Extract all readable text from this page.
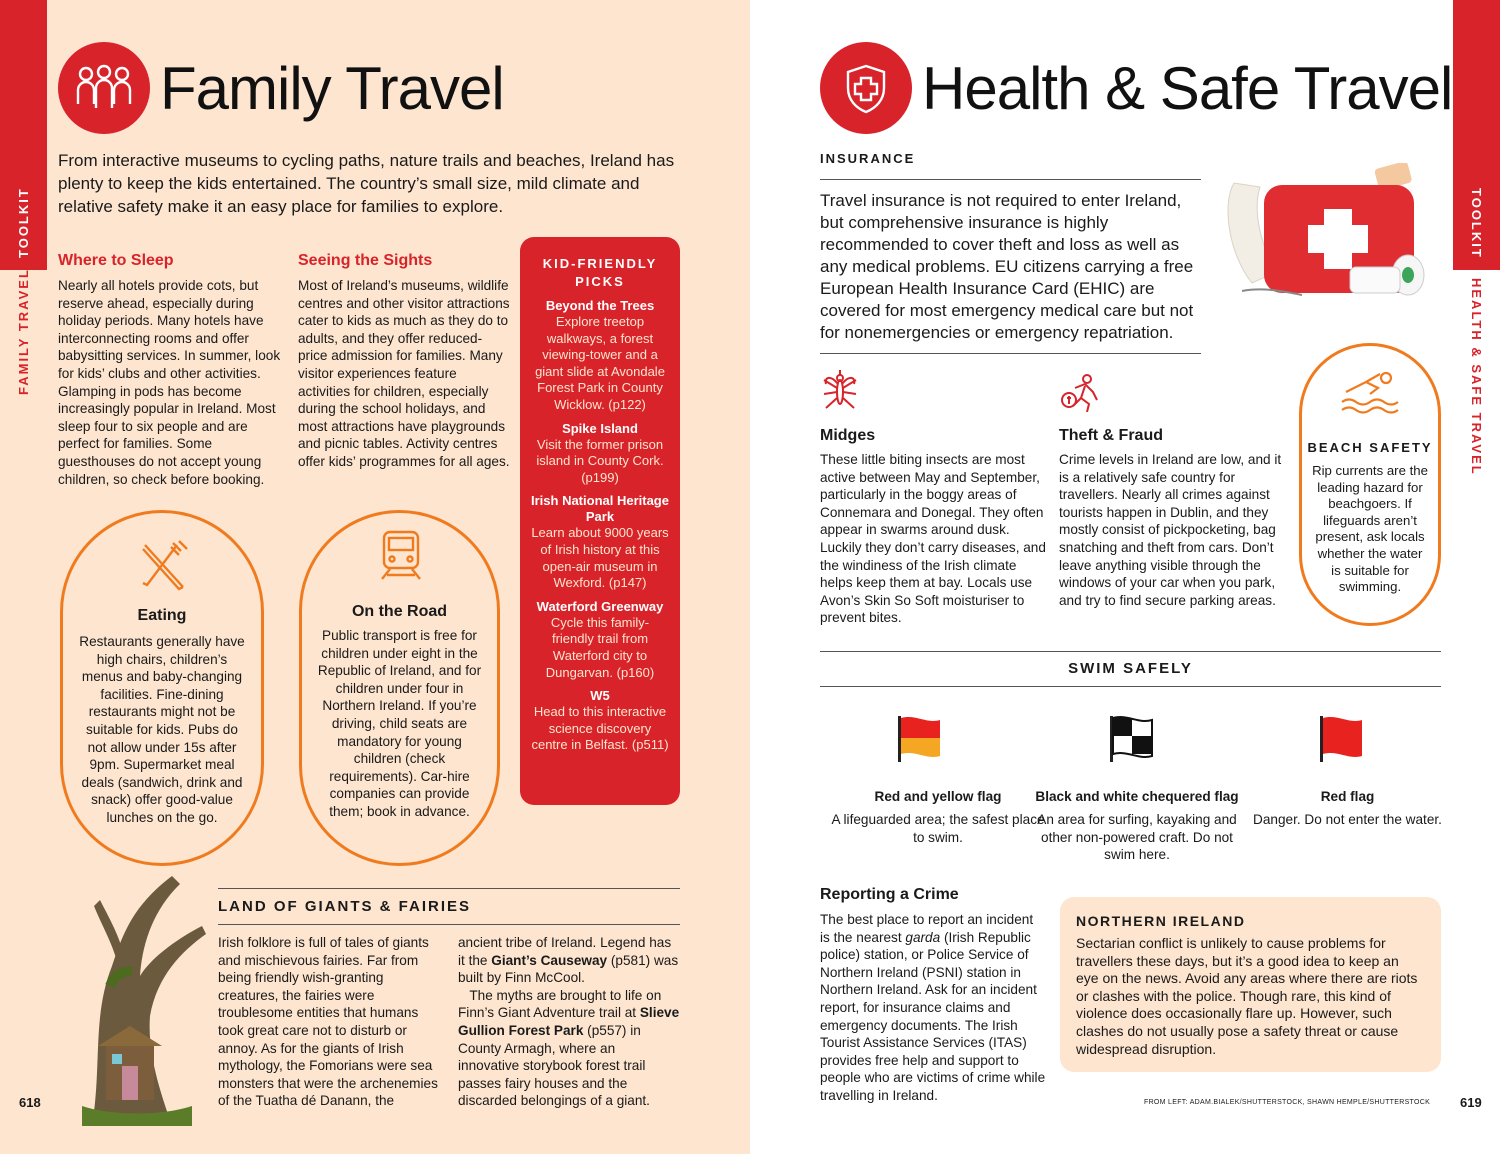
TOOLKIT
FAMILY TRAVEL
Family Travel
From interactive museums to cycling paths, nature trails and beaches, Ireland has plenty to keep the kids entertained. The country’s small size, mild climate and relative safety make it an easy place for families to explore.
Where to Sleep
Nearly all hotels provide cots, but reserve ahead, especially during holiday periods. Many hotels have interconnecting rooms and offer babysitting services. In summer, look for kids’ clubs and other activities. Glamping in pods has become increasingly popular in Ireland. Most sleep four to six people and are perfect for families. Some guesthouses do not accept young children, so check before booking.
Seeing the Sights
Most of Ireland’s museums, wildlife centres and other visitor attractions cater to kids as much as they do to adults, and they offer reduced-price admission for families. Many visitor experiences feature activities for children, especially during the school holidays, and most attractions have playgrounds and picnic tables. Activity centres offer kids’ programmes for all ages.
KID-FRIENDLY PICKS
Beyond the Trees
Explore treetop walkways, a forest viewing-tower and a giant slide at Avondale Forest Park in County Wicklow. (p122)
Spike Island
Visit the former prison island in County Cork. (p199)
Irish National Heritage Park
Learn about 9000 years of Irish history at this open-air museum in Wexford. (p147)
Waterford Greenway
Cycle this family-friendly trail from Waterford city to Dungarvan. (p160)
W5
Head to this interactive science discovery centre in Belfast. (p511)
Eating
Restaurants generally have high chairs, children’s menus and baby-changing facilities. Fine-dining restaurants might not be suitable for kids. Pubs do not allow under 15s after 9pm. Supermarket meal deals (sandwich, drink and snack) offer good-value lunches on the go.
On the Road
Public transport is free for children under eight in the Republic of Ireland, and for children under four in Northern Ireland. If you’re driving, child seats are mandatory for young children (check requirements). Car-hire companies can provide them; book in advance.
LAND OF GIANTS & FAIRIES
Irish folklore is full of tales of giants and mischievous fairies. Far from being friendly wish-granting creatures, the fairies were troublesome entities that humans took great care not to disturb or annoy. As for the giants of Irish mythology, the Fomorians were sea monsters that were the archenemies of the Tuatha dé Danann, the
ancient tribe of Ireland. Legend has it the Giant’s Causeway (p581) was built by Finn McCool.
The myths are brought to life on Finn’s Giant Adventure trail at Slieve Gullion Forest Park (p557) in County Armagh, where an innovative storybook forest trail passes fairy houses and the discarded belongings of a giant.
618
Health & Safe Travel
TOOLKIT
HEALTH & SAFE TRAVEL
INSURANCE
Travel insurance is not required to enter Ireland, but comprehensive insurance is highly recommended to cover theft and loss as well as any medical problems. EU citizens carrying a free European Health Insurance Card (EHIC) are covered for most emergency medical care but not for nonemergencies or emergency repatriation.
Midges
These little biting insects are most active between May and September, particularly in the boggy areas of Connemara and Donegal. They often appear in swarms around dusk. Luckily they don’t carry diseases, and the windiness of the Irish climate helps keep them at bay. Locals use Avon’s Skin So Soft moisturiser to prevent bites.
Theft & Fraud
Crime levels in Ireland are low, and it is a relatively safe country for travellers. Nearly all crimes against tourists happen in Dublin, and they mostly consist of pickpocketing, bag snatching and theft from cars. Don’t leave anything visible through the windows of your car when you park, and try to find secure parking areas.
BEACH SAFETY
Rip currents are the leading hazard for beachgoers. If lifeguards aren’t present, ask locals whether the water is suitable for swimming.
SWIM SAFELY
Red and yellow flag
A lifeguarded area; the safest place to swim.
Black and white chequered flag
An area for surfing, kayaking and other non-powered craft. Do not swim here.
Red flag
Danger. Do not enter the water.
Reporting a Crime
The best place to report an incident is the nearest garda (Irish Republic police) station, or Police Service of Northern Ireland (PSNI) station in Northern Ireland. Ask for an incident report, for insurance claims and emergency documents. The Irish Tourist Assistance Services (ITAS) provides free help and support to people who are victims of crime while travelling in Ireland.
NORTHERN IRELAND
Sectarian conflict is unlikely to cause problems for travellers these days, but it’s a good idea to keep an eye on the news. Avoid any areas where there are riots or clashes with the police. Though rare, this kind of violence does occasionally flare up. However, such clashes do not usually pose a safety threat or cause widespread disruption.
FROM LEFT: ADAM.BIALEK/SHUTTERSTOCK, SHAWN HEMPLE/SHUTTERSTOCK 619
